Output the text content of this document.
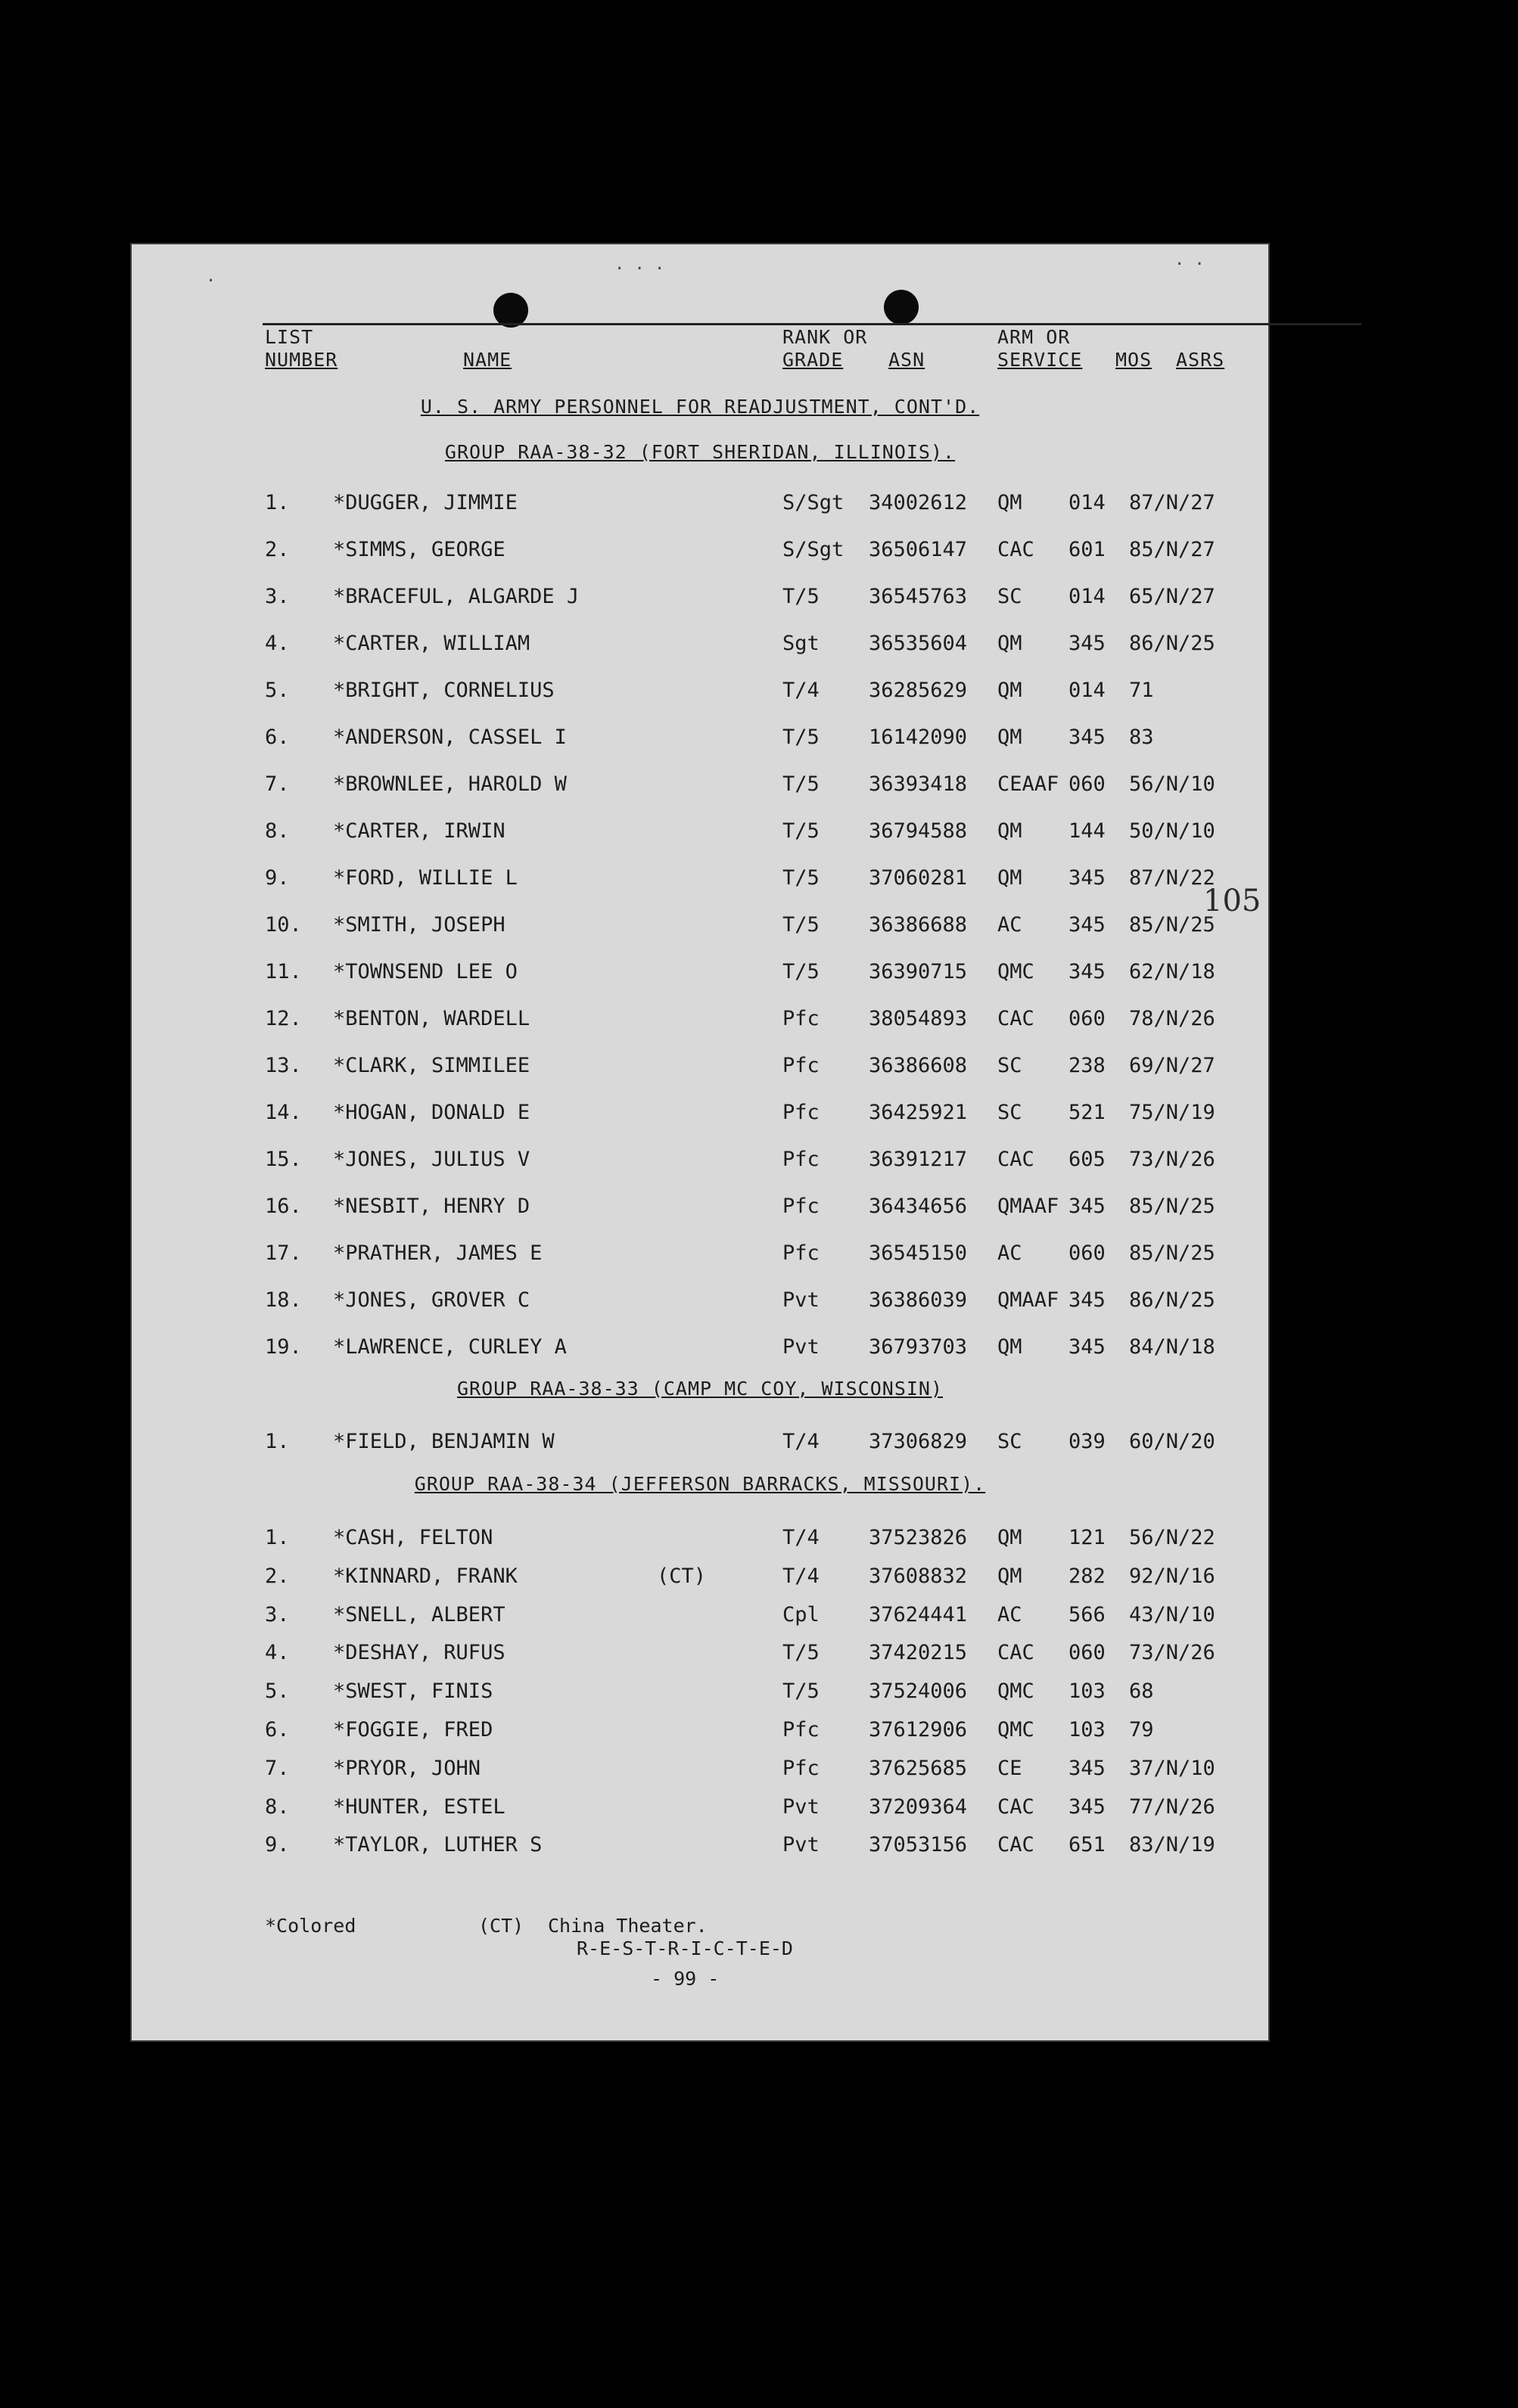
LIST
NUMBER	NAME
RANK OR
GRADE	ASN
ARM OR
SERVICE MOS ASRS
U. S. ARMY PERSONNEL FOR READJUSTMENT, CONT'D.
GROUP RAA-38-32 (FORT SHERIDAN, ILLINOIS).
1. *DUGGER, JIMMIE	S/Sgt 34002612 QM 014 87/N/27
2. *SIMMS, GEORGE	S/Sgt 36506147 CAC 601 85/N/27
3. *BRACEFUL, ALGARDE J	T/5 36545763 SC 014 65/N/27
4. *CARTER, WILLIAM	Sgt 36535604 QM 345 86/N/25
5. *BRIGHT, CORNELIUS	T/4 36285629 QM 014 71
6. *ANDERSON, CASSEL I	T/5 16142090 QM 345 83
7. *BROWNLEE, HAROLD W	T/5 36393418 CEAAF 060 56/N/10
8. *CARTER, IRWIN	T/5 36794588 QM 144 50/N/10
9. *FORD, WILLIE L	T/5 37060281 QM 345 87/N/22
10. *SMITH, JOSEPH	T/5 36386688 AC 345 85/N/25
11. *TOWNSEND LEE O	T/5 36390715 QMC 345 62/N/18
12. *BENTON, WARDELL	Pfc 38054893 CAC 060 78/N/26
13. *CLARK, SIMMILEE	Pfc 36386608 SC 238 69/N/27
14. *HOGAN, DONALD E	Pfc 36425921 SC 521 75/N/19
15. *JONES, JULIUS V	Pfc 36391217 CAC 605 73/N/26
16. *NESBIT, HENRY D	Pfc 36434656 QMAAF 345 85/N/25
17. *PRATHER, JAMES E	Pfc 36545150 AC 060 85/N/25
18. *JONES, GROVER C	Pvt 36386039 QMAAF 345 86/N/25
19. *LAWRENCE, CURLEY A	Pvt 36793703 QM 345 84/N/18
GROUP RAA-38-33 (CAMP MC COY, WISCONSIN)
1. *FIELD, BENJAMIN W	T/4 37306829 SC 039 60/N/20
GROUP RAA-38-34 (JEFFERSON BARRACKS, MISSOURI).
1. *CASH, FELTON	T/4 37523826 QM 121 56/N/22
2. *KINNARD, FRANK	(CT)	T/4 37608832 QM 282 92/N/16
3. *SNELL, ALBERT	Cpl 37624441 AC 566 43/N/10
4. *DESHAY, RUFUS	T/5 37420215 CAC 060 73/N/26
5. *SWEST, FINIS	T/5 37524006 QMC 103 68
6. *FOGGIE, FRED	Pfc 37612906 QMC 103 79
7. *PRYOR, JOHN	Pfc 37625685 CE 345 37/N/10
8. *HUNTER, ESTEL	Pvt 37209364 CAC 345 77/N/26
9. *TAYLOR, LUTHER S	Pvt 37053156 CAC 651 83/N/19
*Colored	(CT) China Theater.
R-E-S-T-R-I-C-T-E-D
- 99 -
·
· · ·	· ·
105
